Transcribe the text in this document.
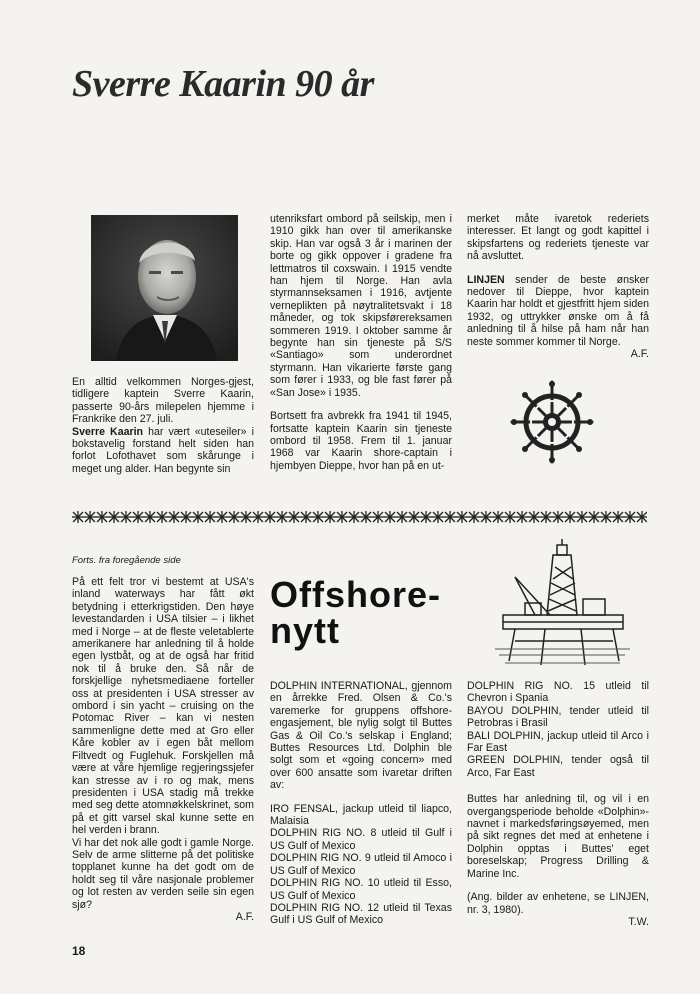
Sverre Kaarin 90 år

En alltid velkommen Norges-gjest, tidligere kaptein Sverre Kaarin, passerte 90-års milepelen hjemme i Frankrike den 27. juli.
Sverre Kaarin har vært «uteseiler» i bokstavelig forstand helt siden han forlot Lofothavet som skårunge i meget ung alder. Han begynte sin

utenriksfart ombord på seilskip, men i 1910 gikk han over til amerikanske skip. Han var også 3 år i marinen der borte og gikk oppover i gradene fra lettmatros til coxswain. I 1915 vendte han hjem til Norge. Han avla styrmannseksamen i 1916, avtjente verneplikten på nøytralitetsvakt i 18 måneder, og tok skipsførereksamen sommeren 1919. I oktober samme år begynte han sin tjeneste på S/S «Santiago» som underordnet styrmann. Han vikarierte første gang som fører i 1933, og ble fast fører på «San Jose» i 1935.

Bortsett fra avbrekk fra 1941 til 1945, fortsatte kaptein Kaarin sin tjeneste ombord til 1958. Frem til 1. januar 1968 var Kaarin shore-captain i hjembyen Dieppe, hvor han på en ut-

merket måte ivaretok rederiets interesser. Et langt og godt kapittel i skipsfartens og rederiets tjeneste var nå avsluttet.

LINJEN sender de beste ønsker nedover til Dieppe, hvor kaptein Kaarin har holdt et gjestfritt hjem siden 1932, og uttrykker ønske om å få anledning til å hilse på ham når han neste sommer kommer til Norge.

A.F.
Forts. fra foregående side

På ett felt tror vi bestemt at USA's inland waterways har fått økt betydning i etterkrigstiden. Den høye levestandarden i USA tilsier – i likhet med i Norge – at de fleste veletablerte amerikanere har anledning til å holde egen lystbåt, og at de også har fritid nok til å bruke den. Så når de forskjellige nyhetsmediaene forteller oss at presidenten i USA stresser av ombord i sin yacht – cruising on the Potomac River – kan vi nesten sammenligne dette med at Gro eller Kåre kobler av i egen båt mellom Filtvedt og Fuglehuk. Forskjellen må være at våre hjemlige regjeringssjefer kan stresse av i ro og mak, mens presidenten i USA stadig må trekke med seg dette atomnøkkelskrinet, som på et gitt varsel skal kunne sette en hel verden i brann.

Vi har det nok alle godt i gamle Norge. Selv de arme slitterne på det politiske topplanet kunne ha det godt om de holdt seg til våre nasjonale problemer og lot resten av verden seile sin egen sjø?

A.F.
Offshore-
nytt

DOLPHIN INTERNATIONAL, gjennom en årrekke Fred. Olsen & Co.'s varemerke for gruppens offshore-engasjement, ble nylig solgt til Buttes Gas & Oil Co.'s selskap i England; Buttes Resources Ltd. Dolphin ble solgt som et «going concern» med over 600 ansatte som ivaretar driften av:

IRO FENSAL, jackup utleid til liapco, Malaisia

DOLPHIN RIG NO. 8 utleid til Gulf i US Gulf of Mexico

DOLPHIN RIG NO. 9 utleid til Amoco i US Gulf of Mexico

DOLPHIN RIG NO. 10 utleid til Esso, US Gulf of Mexico

DOLPHIN RIG NO. 12 utleid til Texas Gulf i US Gulf of Mexico

DOLPHIN RIG NO. 15 utleid til Chevron i Spania

BAYOU DOLPHIN, tender utleid til Petrobras i Brasil

BALI DOLPHIN, jackup utleid til Arco i Far East

GREEN DOLPHIN, tender også til Arco, Far East

Buttes har anledning til, og vil i en overgangsperiode beholde «Dolphin»-navnet i markedsføringsøyemed, men på sikt regnes det med at enhetene i Dolphin opptas i Buttes' eget boreselskap; Progress Drilling & Marine Inc.

(Ang. bilder av enhetene, se LINJEN, nr. 3, 1980).

T.W.
18
